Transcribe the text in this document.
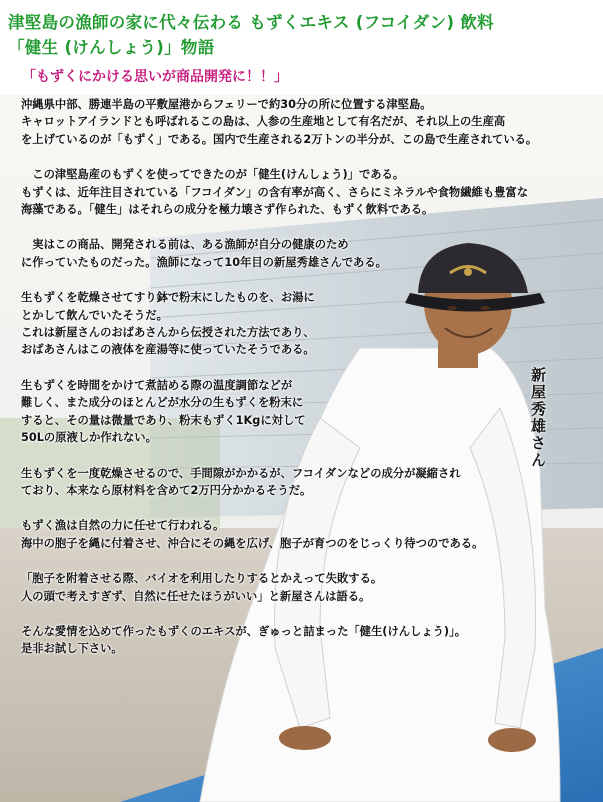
津堅島の漁師の家に代々伝わる もずくエキス (フコイダン) 飲料
「健生 (けんしょう)」物語
「もずくにかける思いが商品開発に！！」
沖縄県中部、勝連半島の平敷屋港からフェリーで約30分の所に位置する津堅島。
キャロットアイランドとも呼ばれるこの島は、人参の生産地として有名だが、それ以上の生産高
を上げているのが「もずく」である。国内で生産される2万トンの半分が、この島で生産されている。
　この津堅島産のもずくを使ってできたのが「健生(けんしょう)」である。
もずくは、近年注目されている「フコイダン」の含有率が高く、さらにミネラルや食物繊維も豊富な
海藻である。「健生」はそれらの成分を極力壊さず作られた、もずく飲料である。
　実はこの商品、開発される前は、ある漁師が自分の健康のため
に作っていたものだった。漁師になって10年目の新屋秀雄さんである。
生もずくを乾燥させてすり鉢で粉末にしたものを、お湯に
とかして飲んでいたそうだ。
これは新屋さんのおばあさんから伝授された方法であり、
おばあさんはこの液体を産湯等に使っていたそうである。
生もずくを時間をかけて煮詰める際の温度調節などが
難しく、また成分のほとんどが水分の生もずくを粉末に
すると、その量は微量であり、粉末もずく1Kgに対して
50Lの原液しか作れない。
生もずくを一度乾燥させるので、手間隙がかかるが、フコイダンなどの成分が凝縮され
ており、本来なら原材料を含めて2万円分かかるそうだ。
もずく漁は自然の力に任せて行われる。
海中の胞子を縄に付着させ、沖合にその縄を広げ、胞子が育つのをじっくり待つのである。
「胞子を附着させる際、バイオを利用したりするとかえって失敗する。
人の頭で考えすぎず、自然に任せたほうがいい」と新屋さんは語る。
そんな愛情を込めて作ったもずくのエキスが、ぎゅっと詰まった「健生(けんしょう)」。
是非お試し下さい。
新屋秀雄さん
